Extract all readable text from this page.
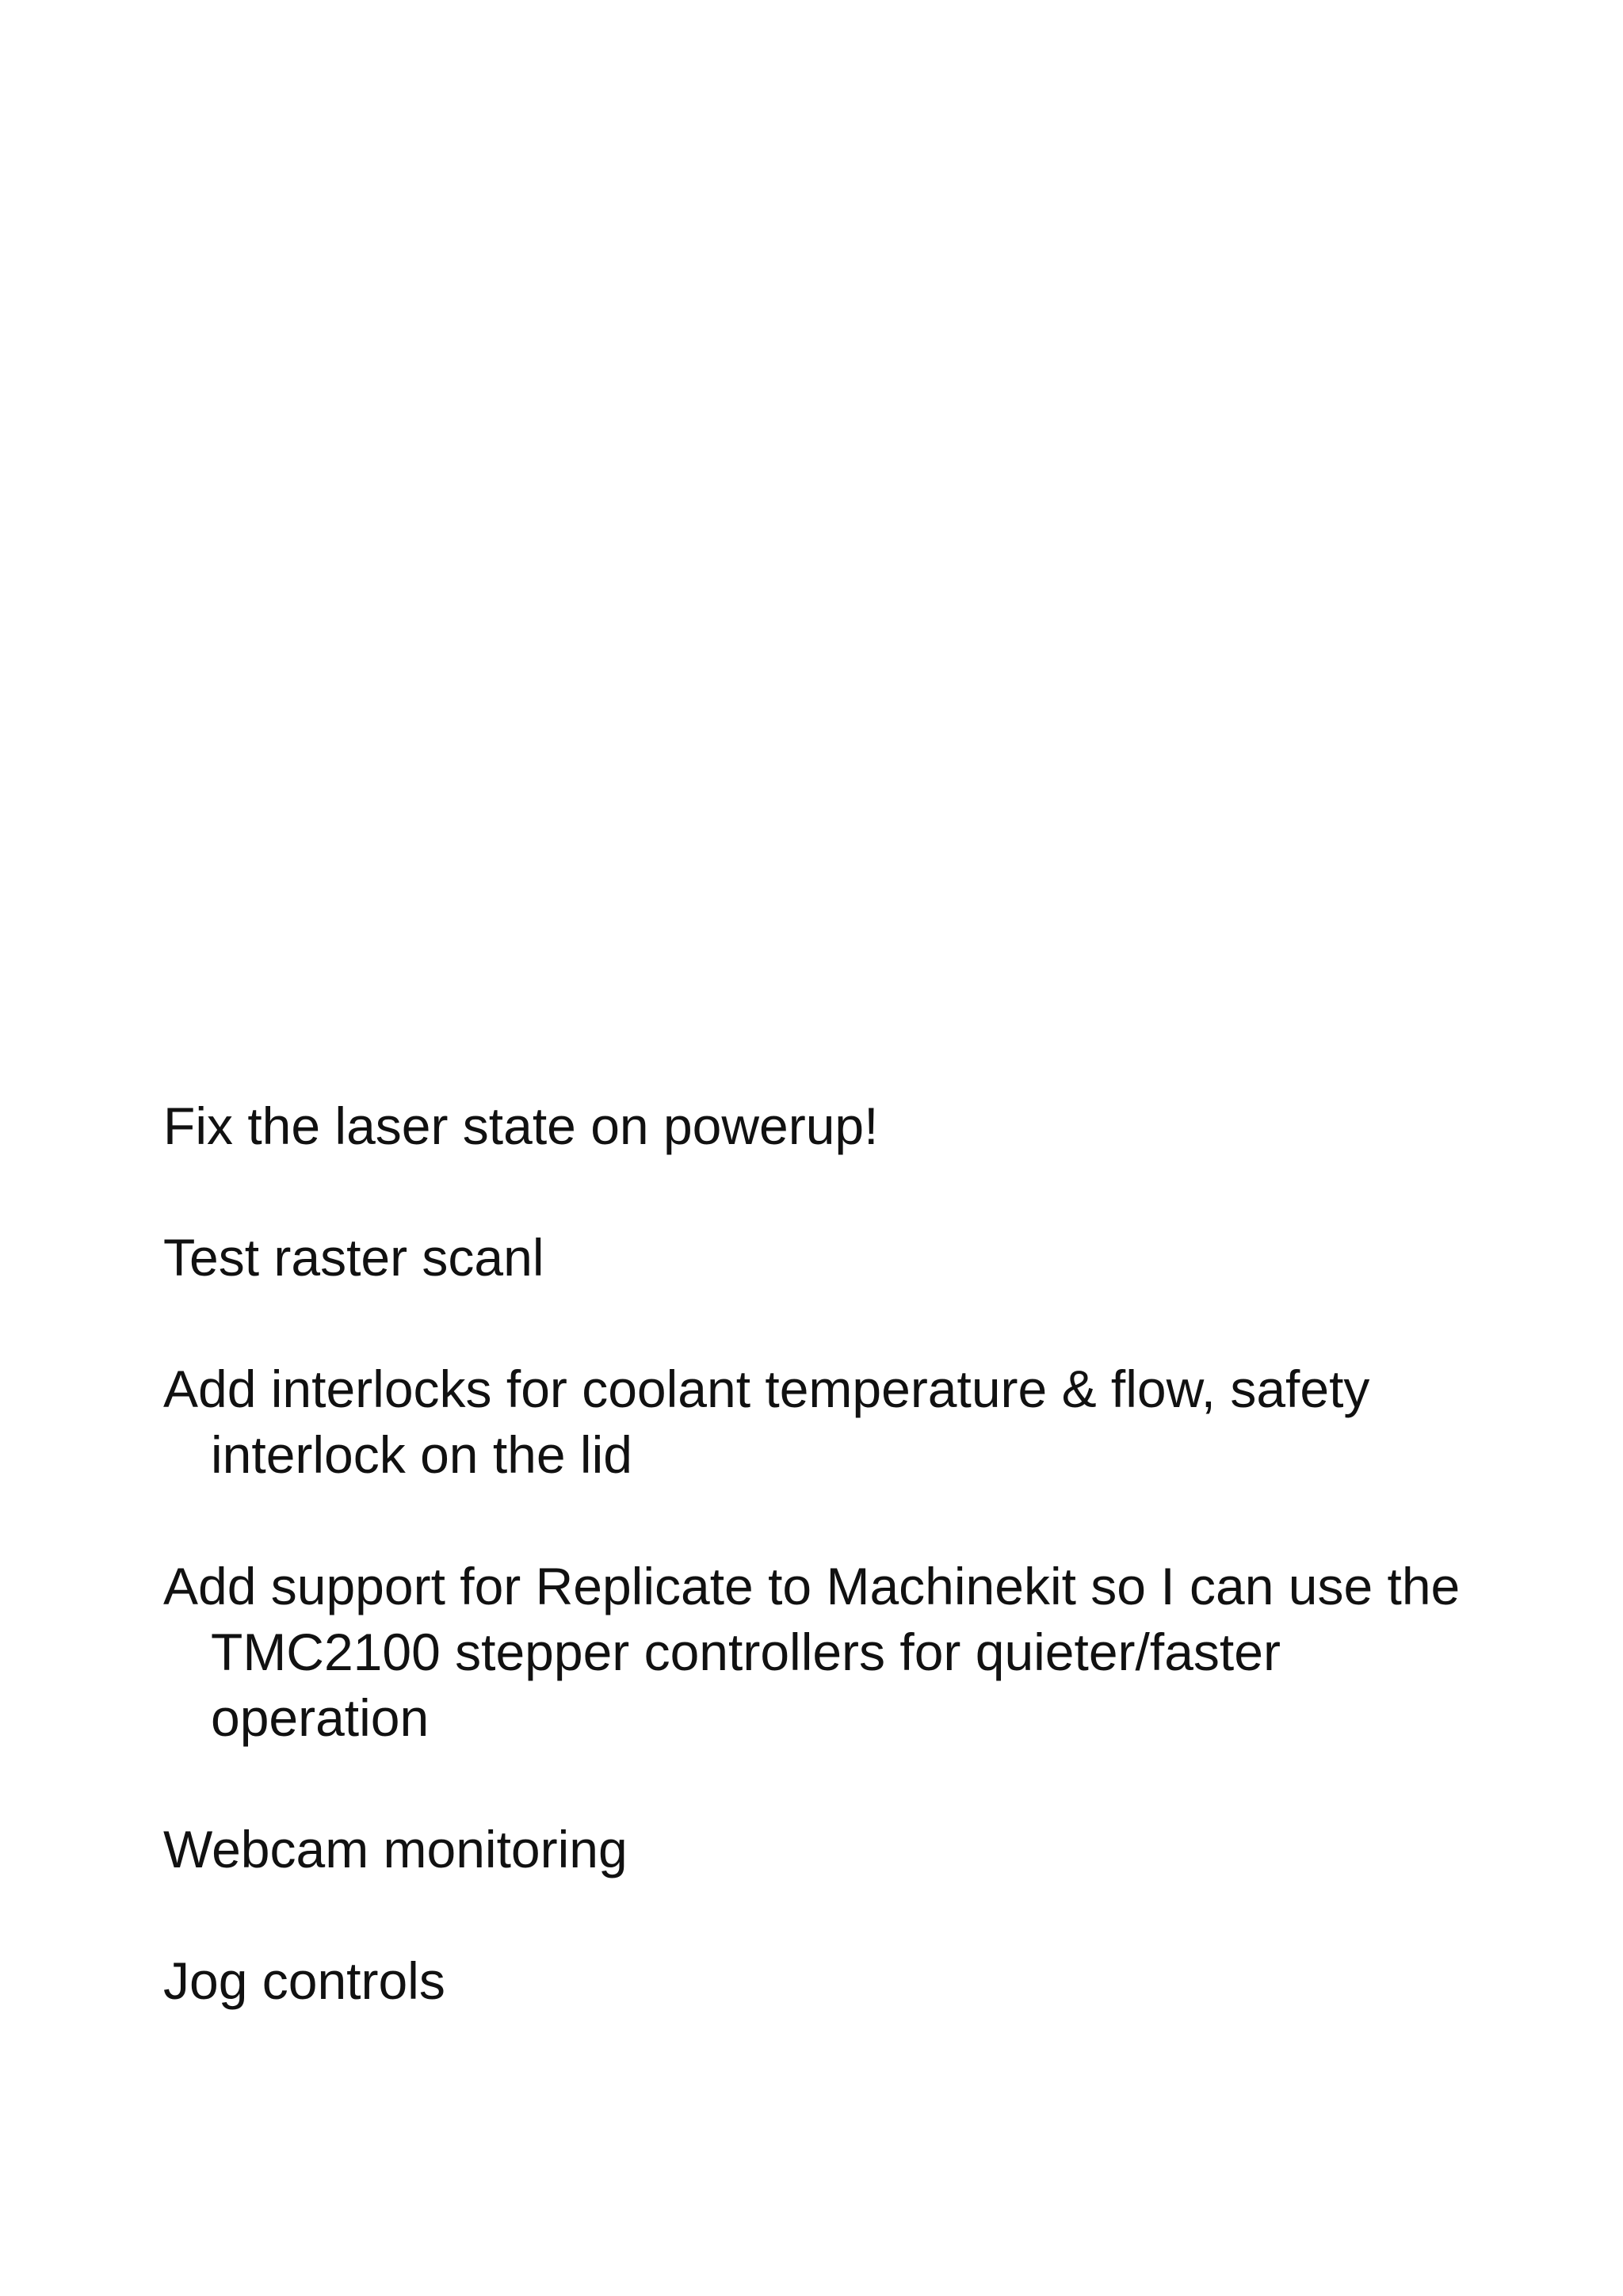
Fix the laser state on powerup!
Test raster scanl
Add interlocks for coolant temperature & flow, safety interlock on the lid
Add support for Replicate to Machinekit so I can use the TMC2100 stepper controllers for quieter/faster operation
Webcam monitoring
Jog controls
